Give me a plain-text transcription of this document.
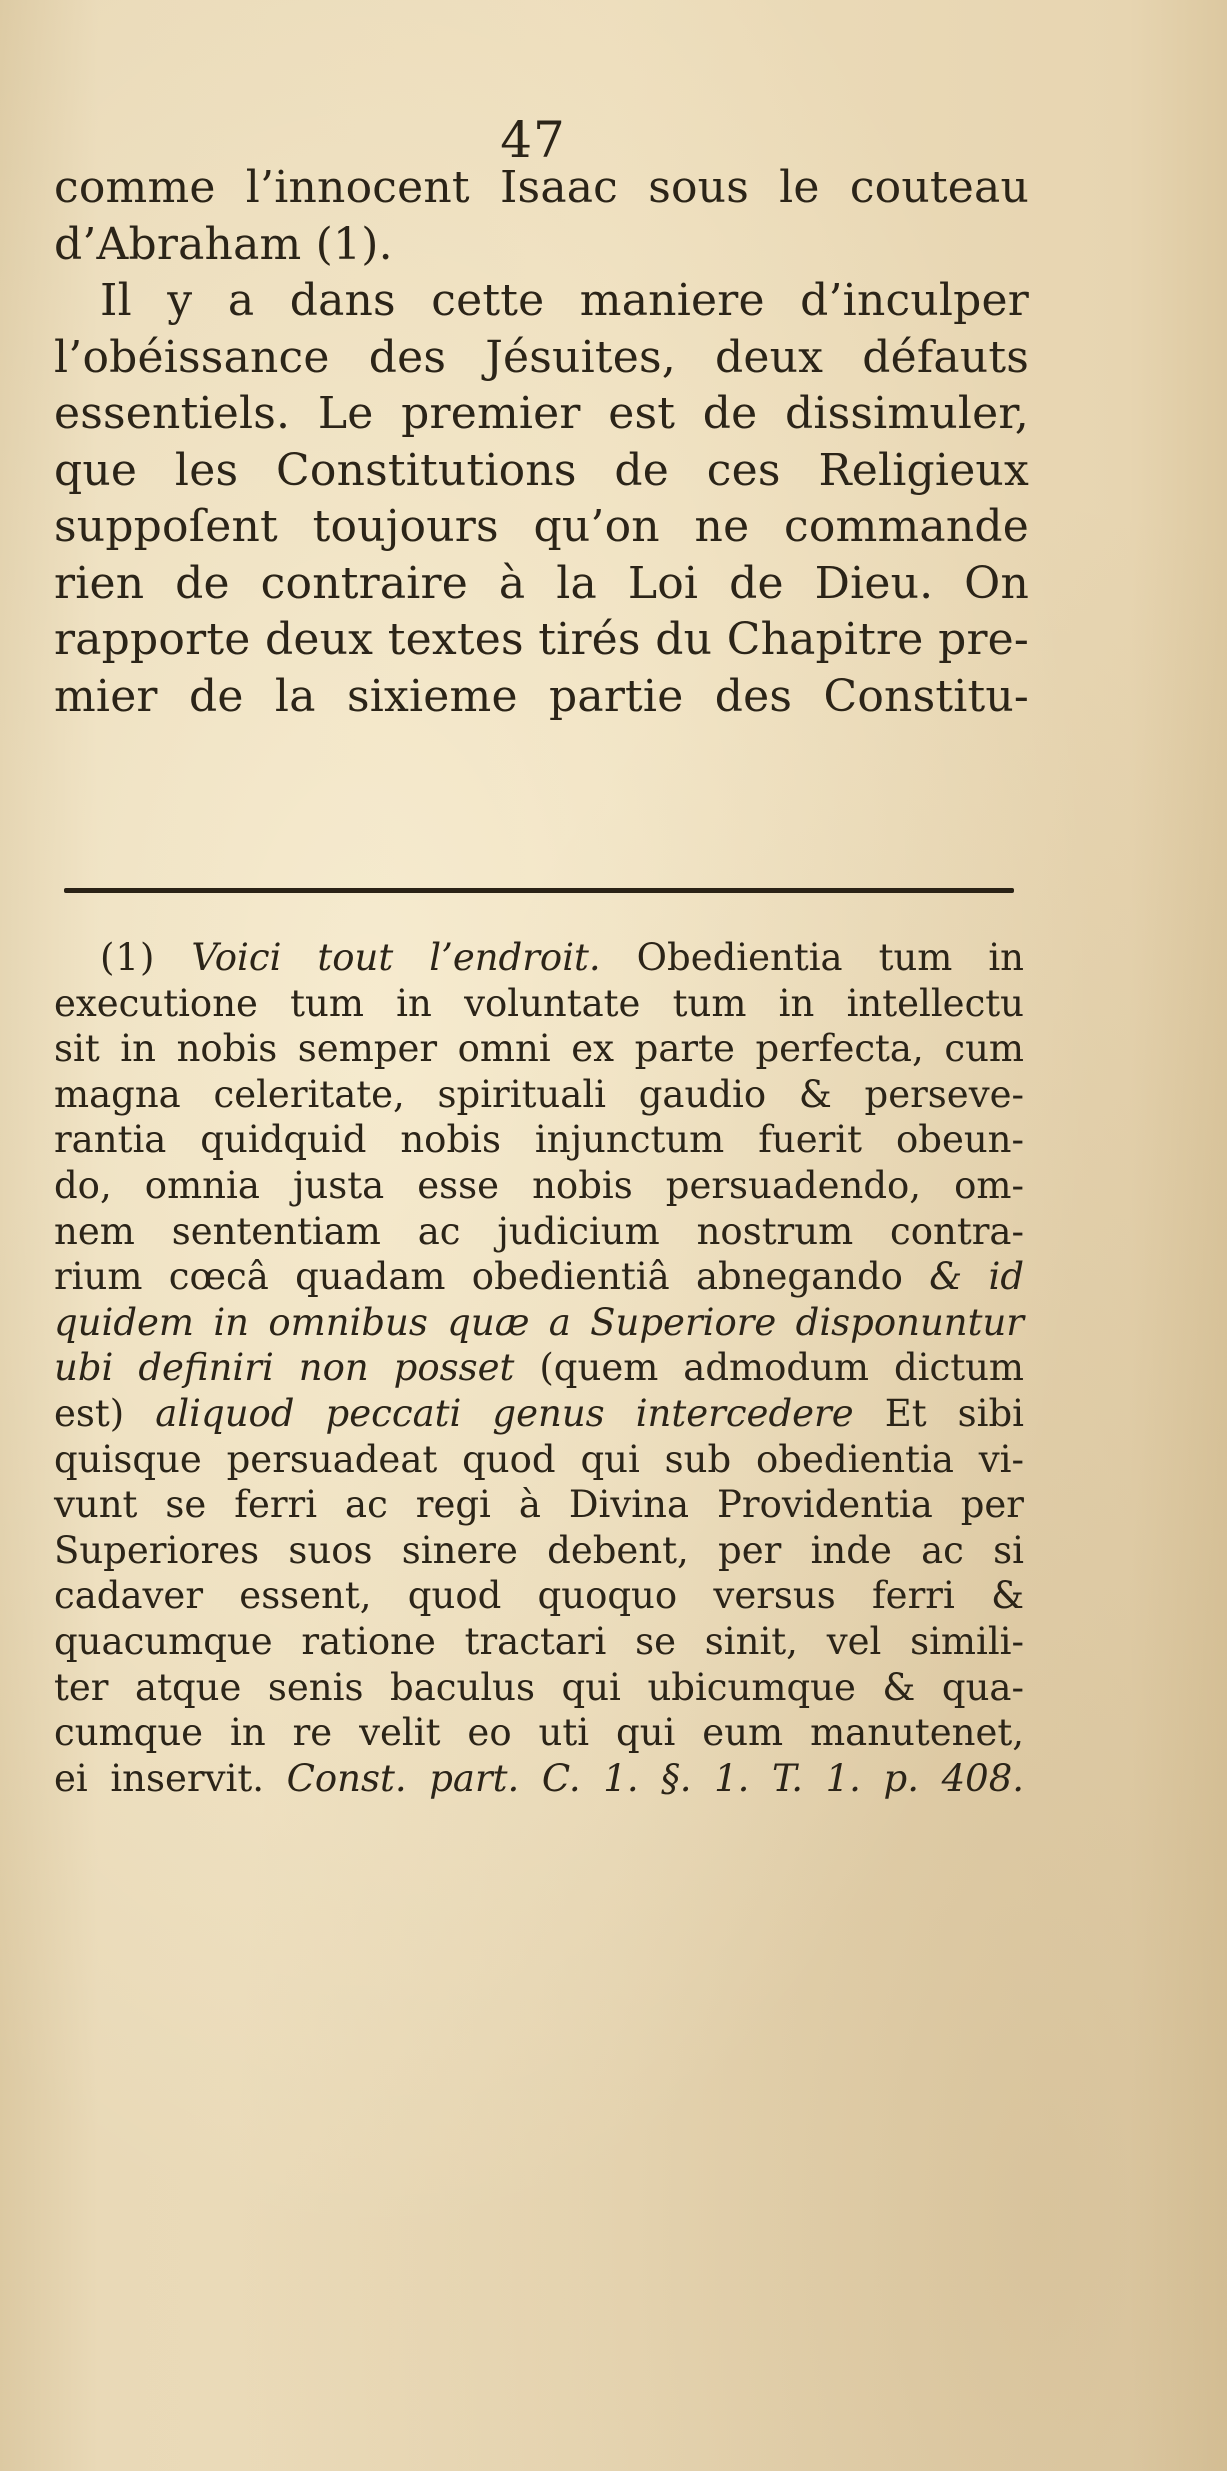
47
comme l’innocent Isaac sous le couteau
d’Abraham (1).
Il y a dans cette maniere d’inculper
l’obéissance des Jésuites, deux défauts
essentiels. Le premier est de dissimuler,
que les Constitutions de ces Religieux
suppoſent toujours qu’on ne commande
rien de contraire à la Loi de Dieu. On
rapporte deux textes tirés du Chapitre pre-
mier de la sixieme partie des Constitu-
(1) Voici tout l’endroit. Obedientia tum in
executione tum in voluntate tum in intellectu
sit in nobis semper omni ex parte perfecta, cum
magna celeritate, spirituali gaudio & perseve-
rantia quidquid nobis injunctum fuerit obeun-
do, omnia justa esse nobis persuadendo, om-
nem sententiam ac judicium nostrum contra-
rium cœcâ quadam obedientiâ abnegando & id
quidem in omnibus quæ a Superiore disponuntur
ubi definiri non posset (quem admodum dictum
est) aliquod peccati genus intercedere Et sibi
quisque persuadeat quod qui sub obedientia vi-
vunt se ferri ac regi à Divina Providentia per
Superiores suos sinere debent, per inde ac si
cadaver essent, quod quoquo versus ferri &
quacumque ratione tractari se sinit, vel simili-
ter atque senis baculus qui ubicumque & qua-
cumque in re velit eo uti qui eum manutenet,
ei inservit. Const. part. C. 1. §. 1. T. 1. p. 408.
